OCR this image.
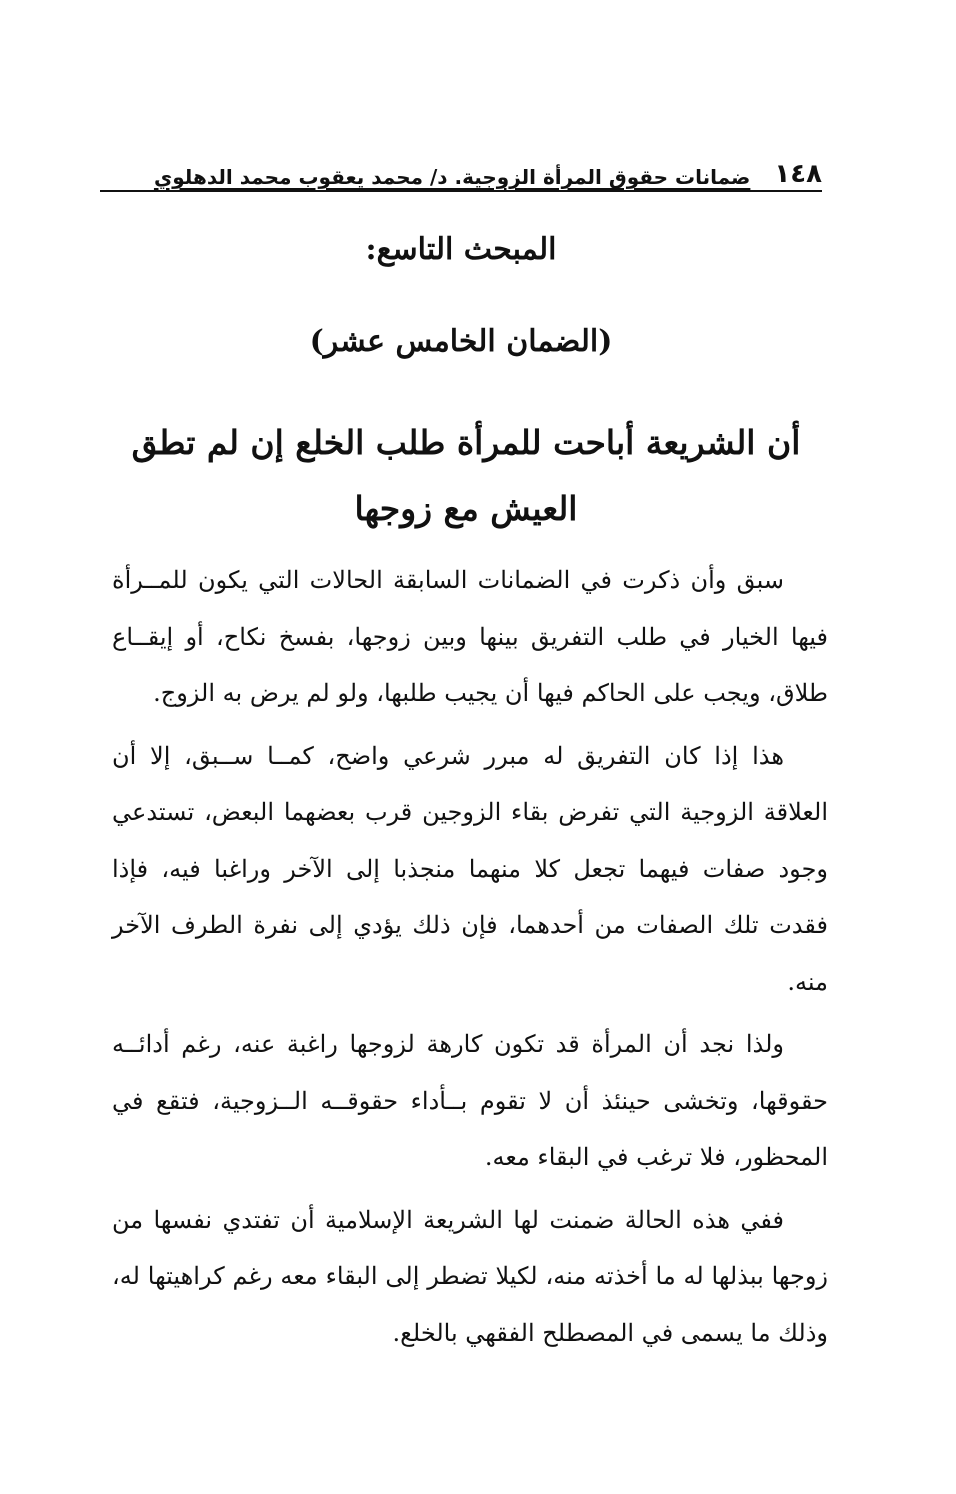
١٤٨
ضمانات حقوق المرأة الزوجية. د/ محمد يعقوب محمد الدهلوي
المبحث التاسع:
(الضمان الخامس عشر)
أن الشريعة أباحت للمرأة طلب الخلع إن لم تطق العيش مع زوجها

سبق وأن ذكرت في الضمانات السابقة الحالات التي يكون للمــرأة فيها الخيار في طلب التفريق بينها وبين زوجها، بفسخ نكاح، أو إيقــاع طلاق، ويجب على الحاكم فيها أن يجيب طلبها، ولو لم يرض به الزوج.

هذا إذا كان التفريق له مبرر شرعي واضح، كمــا ســبق، إلا أن العلاقة الزوجية التي تفرض بقاء الزوجين قرب بعضهما البعض، تستدعي وجود صفات فيهما تجعل كلا منهما منجذبا إلى الآخر وراغبا فيه، فإذا فقدت تلك الصفات من أحدهما، فإن ذلك يؤدي إلى نفرة الطرف الآخر منه.

ولذا نجد أن المرأة قد تكون كارهة لزوجها راغبة عنه، رغم أدائــه حقوقها، وتخشى حينئذ أن لا تقوم بــأداء حقوقــه الــزوجية، فتقع في المحظور، فلا ترغب في البقاء معه.

ففي هذه الحالة ضمنت لها الشريعة الإسلامية أن تفتدي نفسها من زوجها ببذلها له ما أخذته منه، لكيلا تضطر إلى البقاء معه رغم كراهيتها له، وذلك ما يسمى في المصطلح الفقهي بالخلع.
